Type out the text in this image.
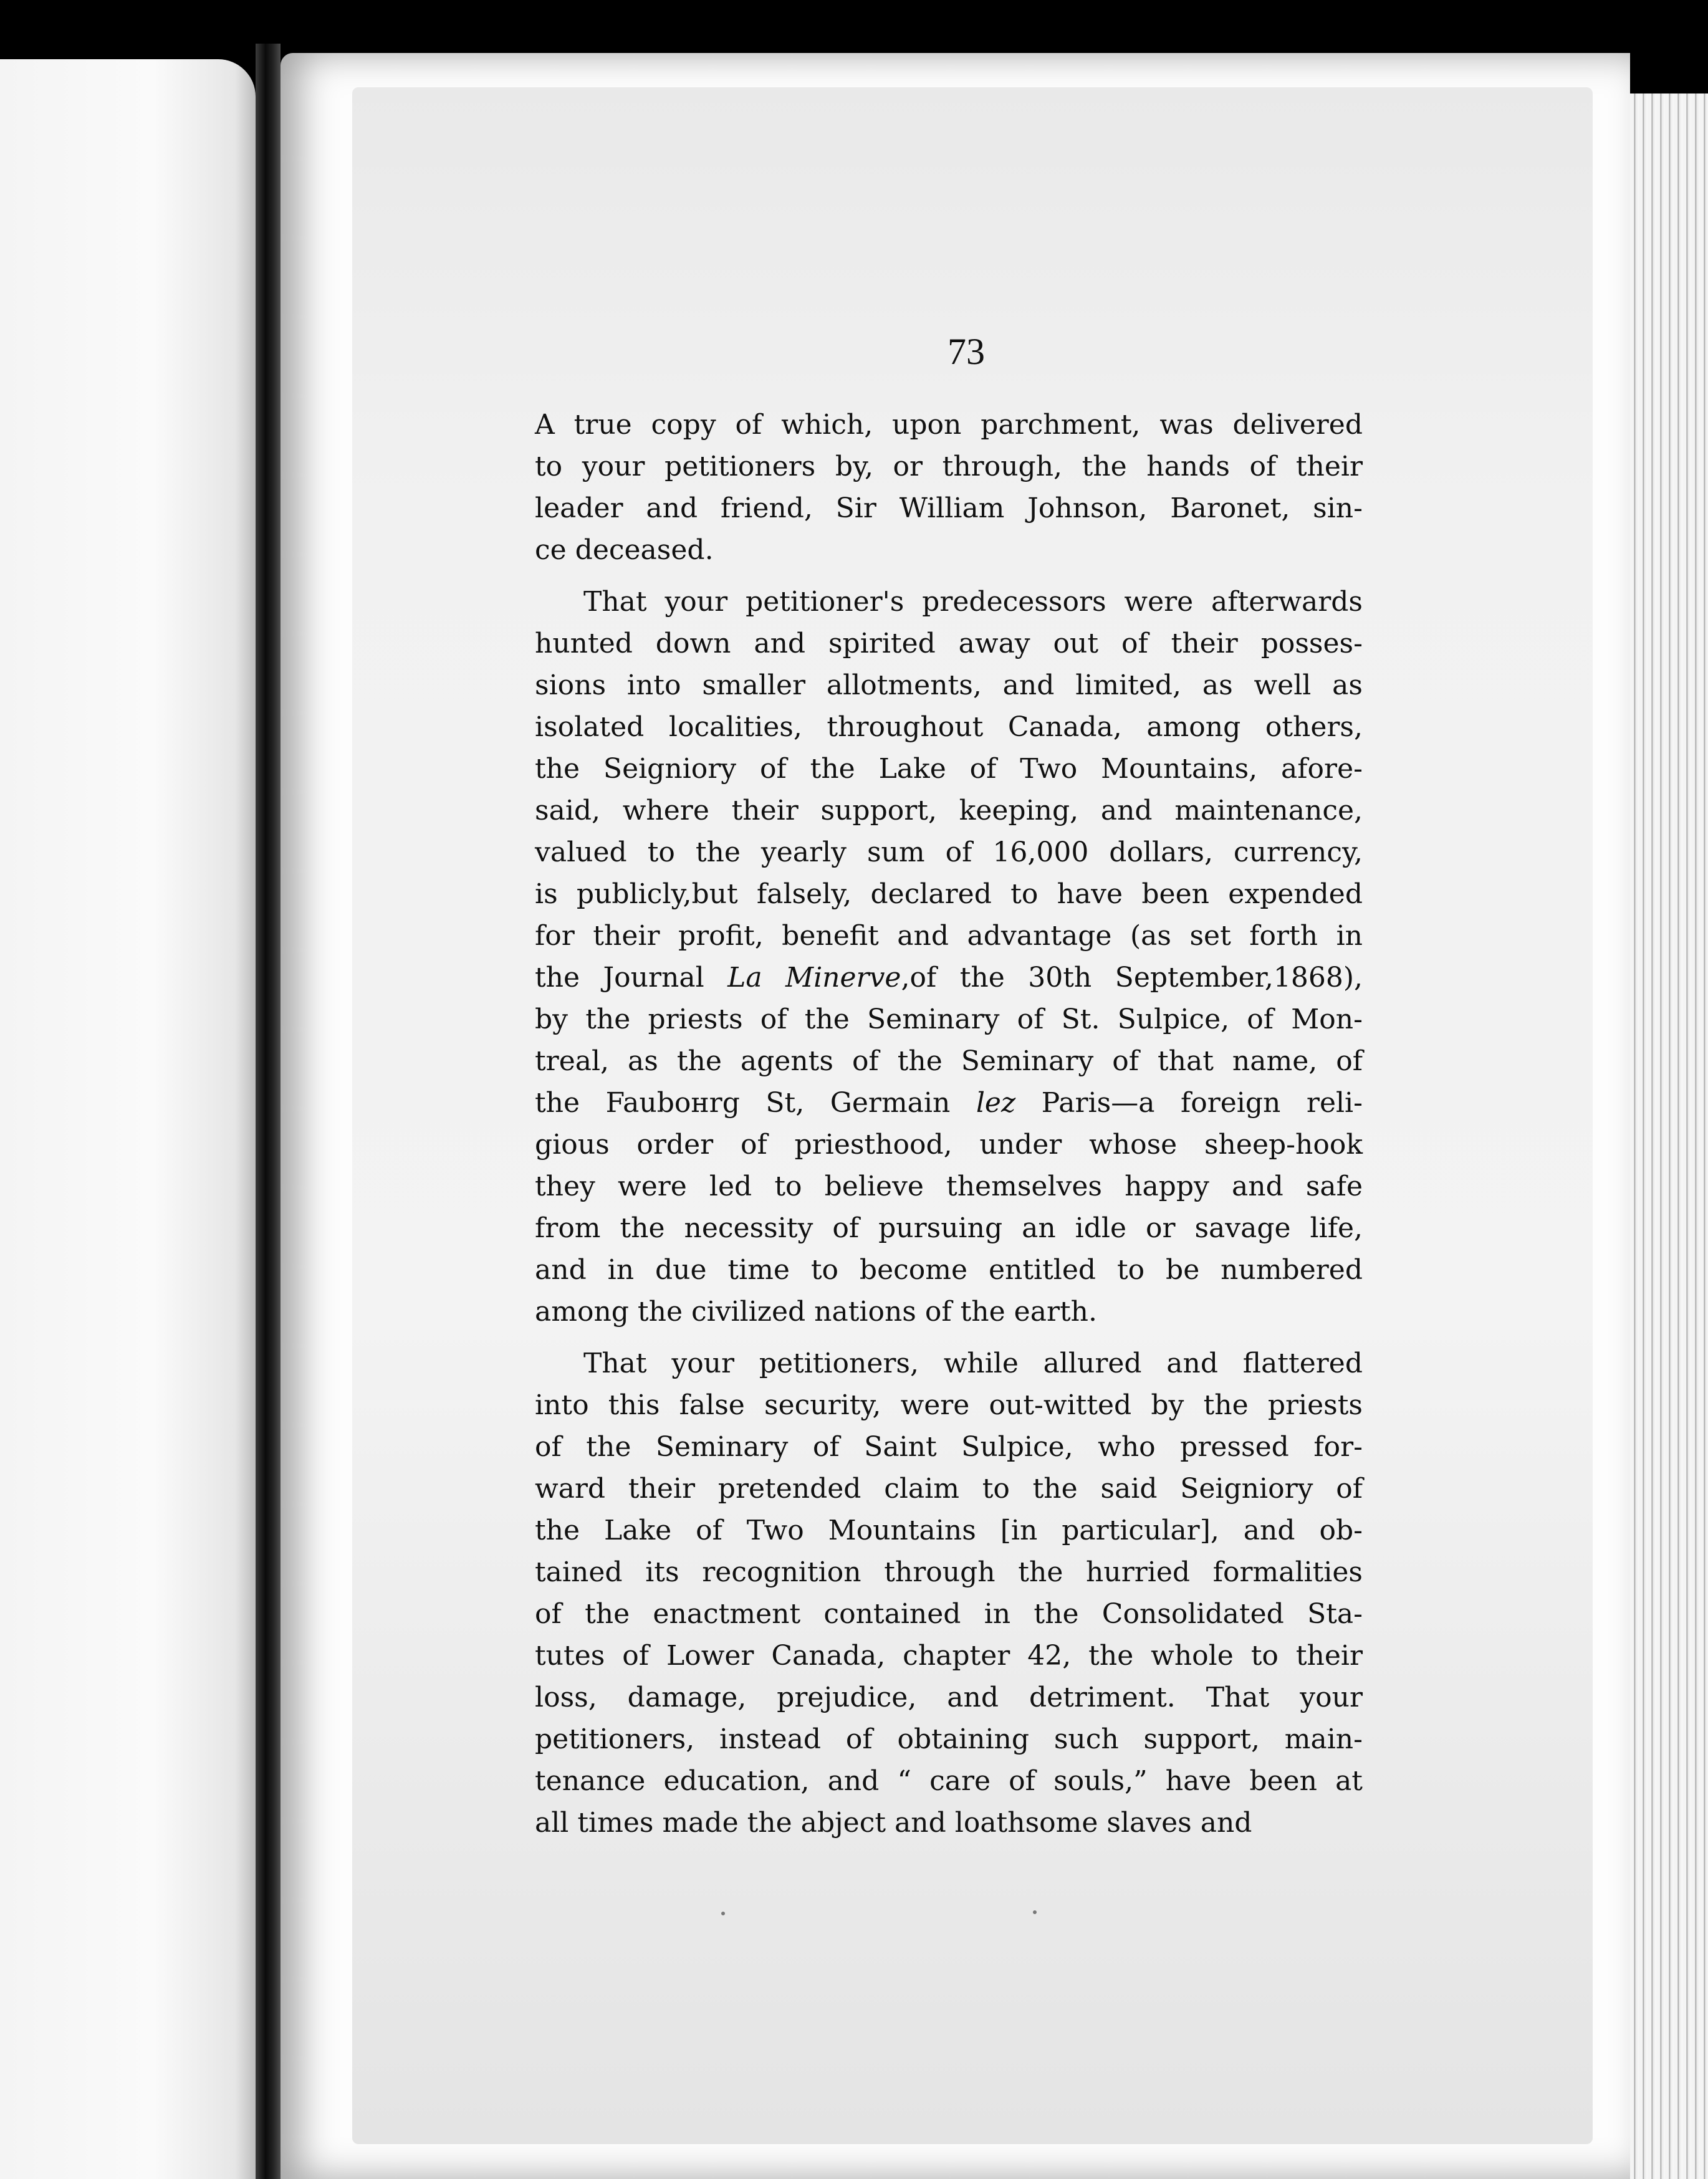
73

A true copy of which, upon parchment, was delivered
to your petitioners by, or through, the hands of their
leader and friend, Sir William Johnson, Baronet, sin-
ce deceased.
That your petitioner's predecessors were afterwards
hunted down and spirited away out of their posses-
sions into smaller allotments, and limited, as well as
isolated localities, throughout Canada, among others,
the Seigniory of the Lake of Two Mountains, afore-
said, where their support, keeping, and maintenance,
valued to the yearly sum of 16,000 dollars, currency,
is publicly,but falsely, declared to have been expended
for their profit, benefit and advantage (as set forth in
the Journal La Minerve,of the 30th September,1868),
by the priests of the Seminary of St. Sulpice, of Mon-
treal, as the agents of the Seminary of that name, of
the Fauboнrg St, Germain lez Paris—a foreign reli-
gious order of priesthood, under whose sheep-hook
they were led to believe themselves happy and safe
from the necessity of pursuing an idle or savage life,
and in due time to become entitled to be numbered
among the civilized nations of the earth.
That your petitioners, while allured and flattered
into this false security, were out-witted by the priests
of the Seminary of Saint Sulpice, who pressed for-
ward their pretended claim to the said Seigniory of
the Lake of Two Mountains [in particular], and ob-
tained its recognition through the hurried formalities
of the enactment contained in the Consolidated Sta-
tutes of Lower Canada, chapter 42, the whole to their
loss, damage, prejudice, and detriment. That your
petitioners, instead of obtaining such support, main-
tenance education, and “ care of souls,” have been at
all times made the abject and loathsome slaves and
